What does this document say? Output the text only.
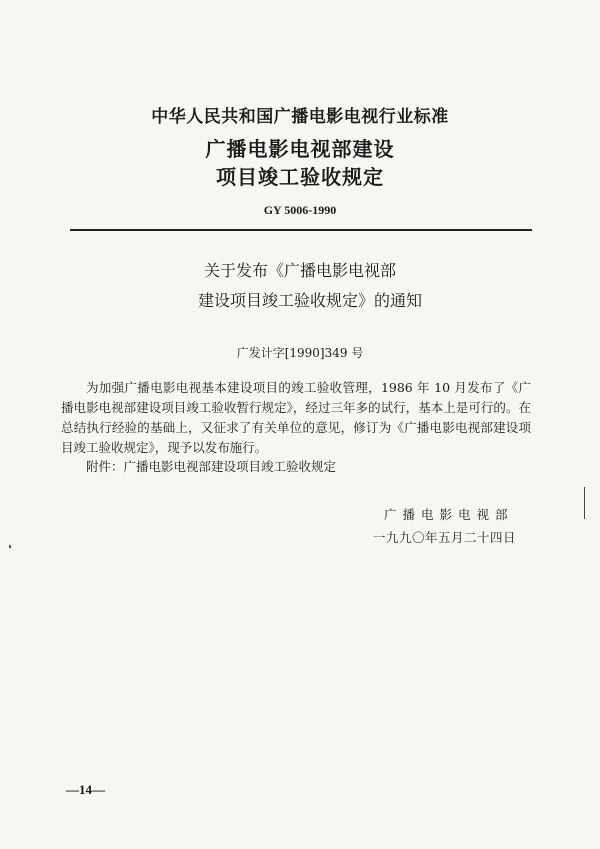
中华人民共和国广播电影电视行业标准
广播电影电视部建设
项目竣工验收规定
GY 5006-1990
关于发布《广播电影电视部
建设项目竣工验收规定》的通知
广发计字[1990]349 号
为加强广播电影电视基本建设项目的竣工验收管理，1986 年 10 月发布了《广播电影电视部建设项目竣工验收暂行规定》，经过三年多的试行，基本上是可行的。在总结执行经验的基础上，又征求了有关单位的意见，修订为《广播电影电视部建设项目竣工验收规定》，现予以发布施行。
附件：广播电影电视部建设项目竣工验收规定
广播电影电视部
一九九〇年五月二十四日
—14—
